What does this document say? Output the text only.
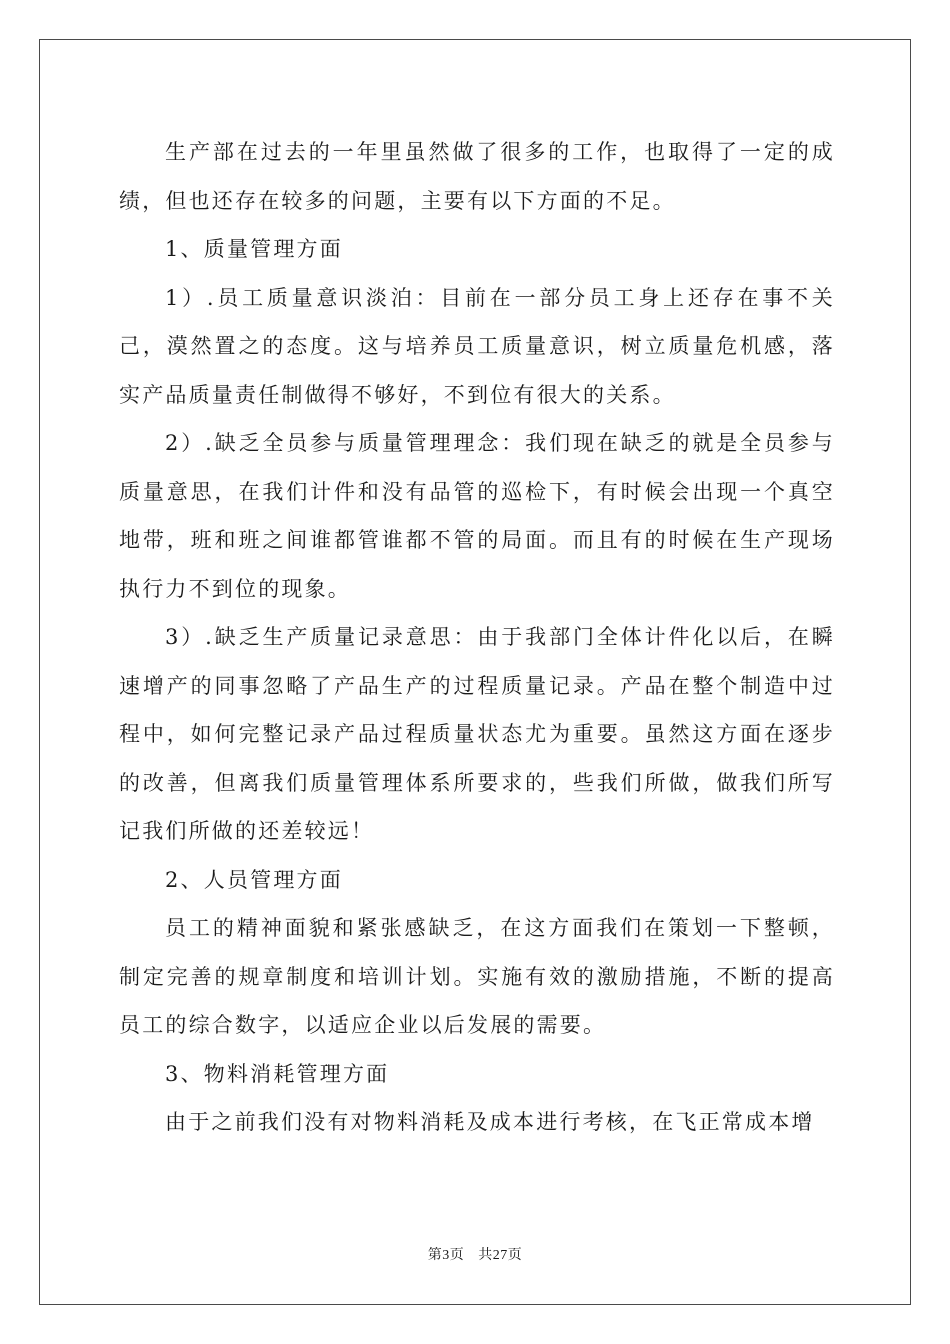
生产部在过去的一年里虽然做了很多的工作，也取得了一定的成绩，但也还存在较多的问题，主要有以下方面的不足。

1、质量管理方面

1）.员工质量意识淡泊：目前在一部分员工身上还存在事不关己，漠然置之的态度。这与培养员工质量意识，树立质量危机感，落实产品质量责任制做得不够好，不到位有很大的关系。

2）.缺乏全员参与质量管理理念：我们现在缺乏的就是全员参与质量意思，在我们计件和没有品管的巡检下，有时候会出现一个真空地带，班和班之间谁都管谁都不管的局面。而且有的时候在生产现场执行力不到位的现象。

3）.缺乏生产质量记录意思：由于我部门全体计件化以后，在瞬速增产的同事忽略了产品生产的过程质量记录。产品在整个制造中过程中，如何完整记录产品过程质量状态尤为重要。虽然这方面在逐步的改善，但离我们质量管理体系所要求的，些我们所做，做我们所写记我们所做的还差较远！

2、人员管理方面

员工的精神面貌和紧张感缺乏，在这方面我们在策划一下整顿，制定完善的规章制度和培训计划。实施有效的激励措施，不断的提高员工的综合数字，以适应企业以后发展的需要。

3、物料消耗管理方面

由于之前我们没有对物料消耗及成本进行考核，在飞正常成本增

第3页 共27页
